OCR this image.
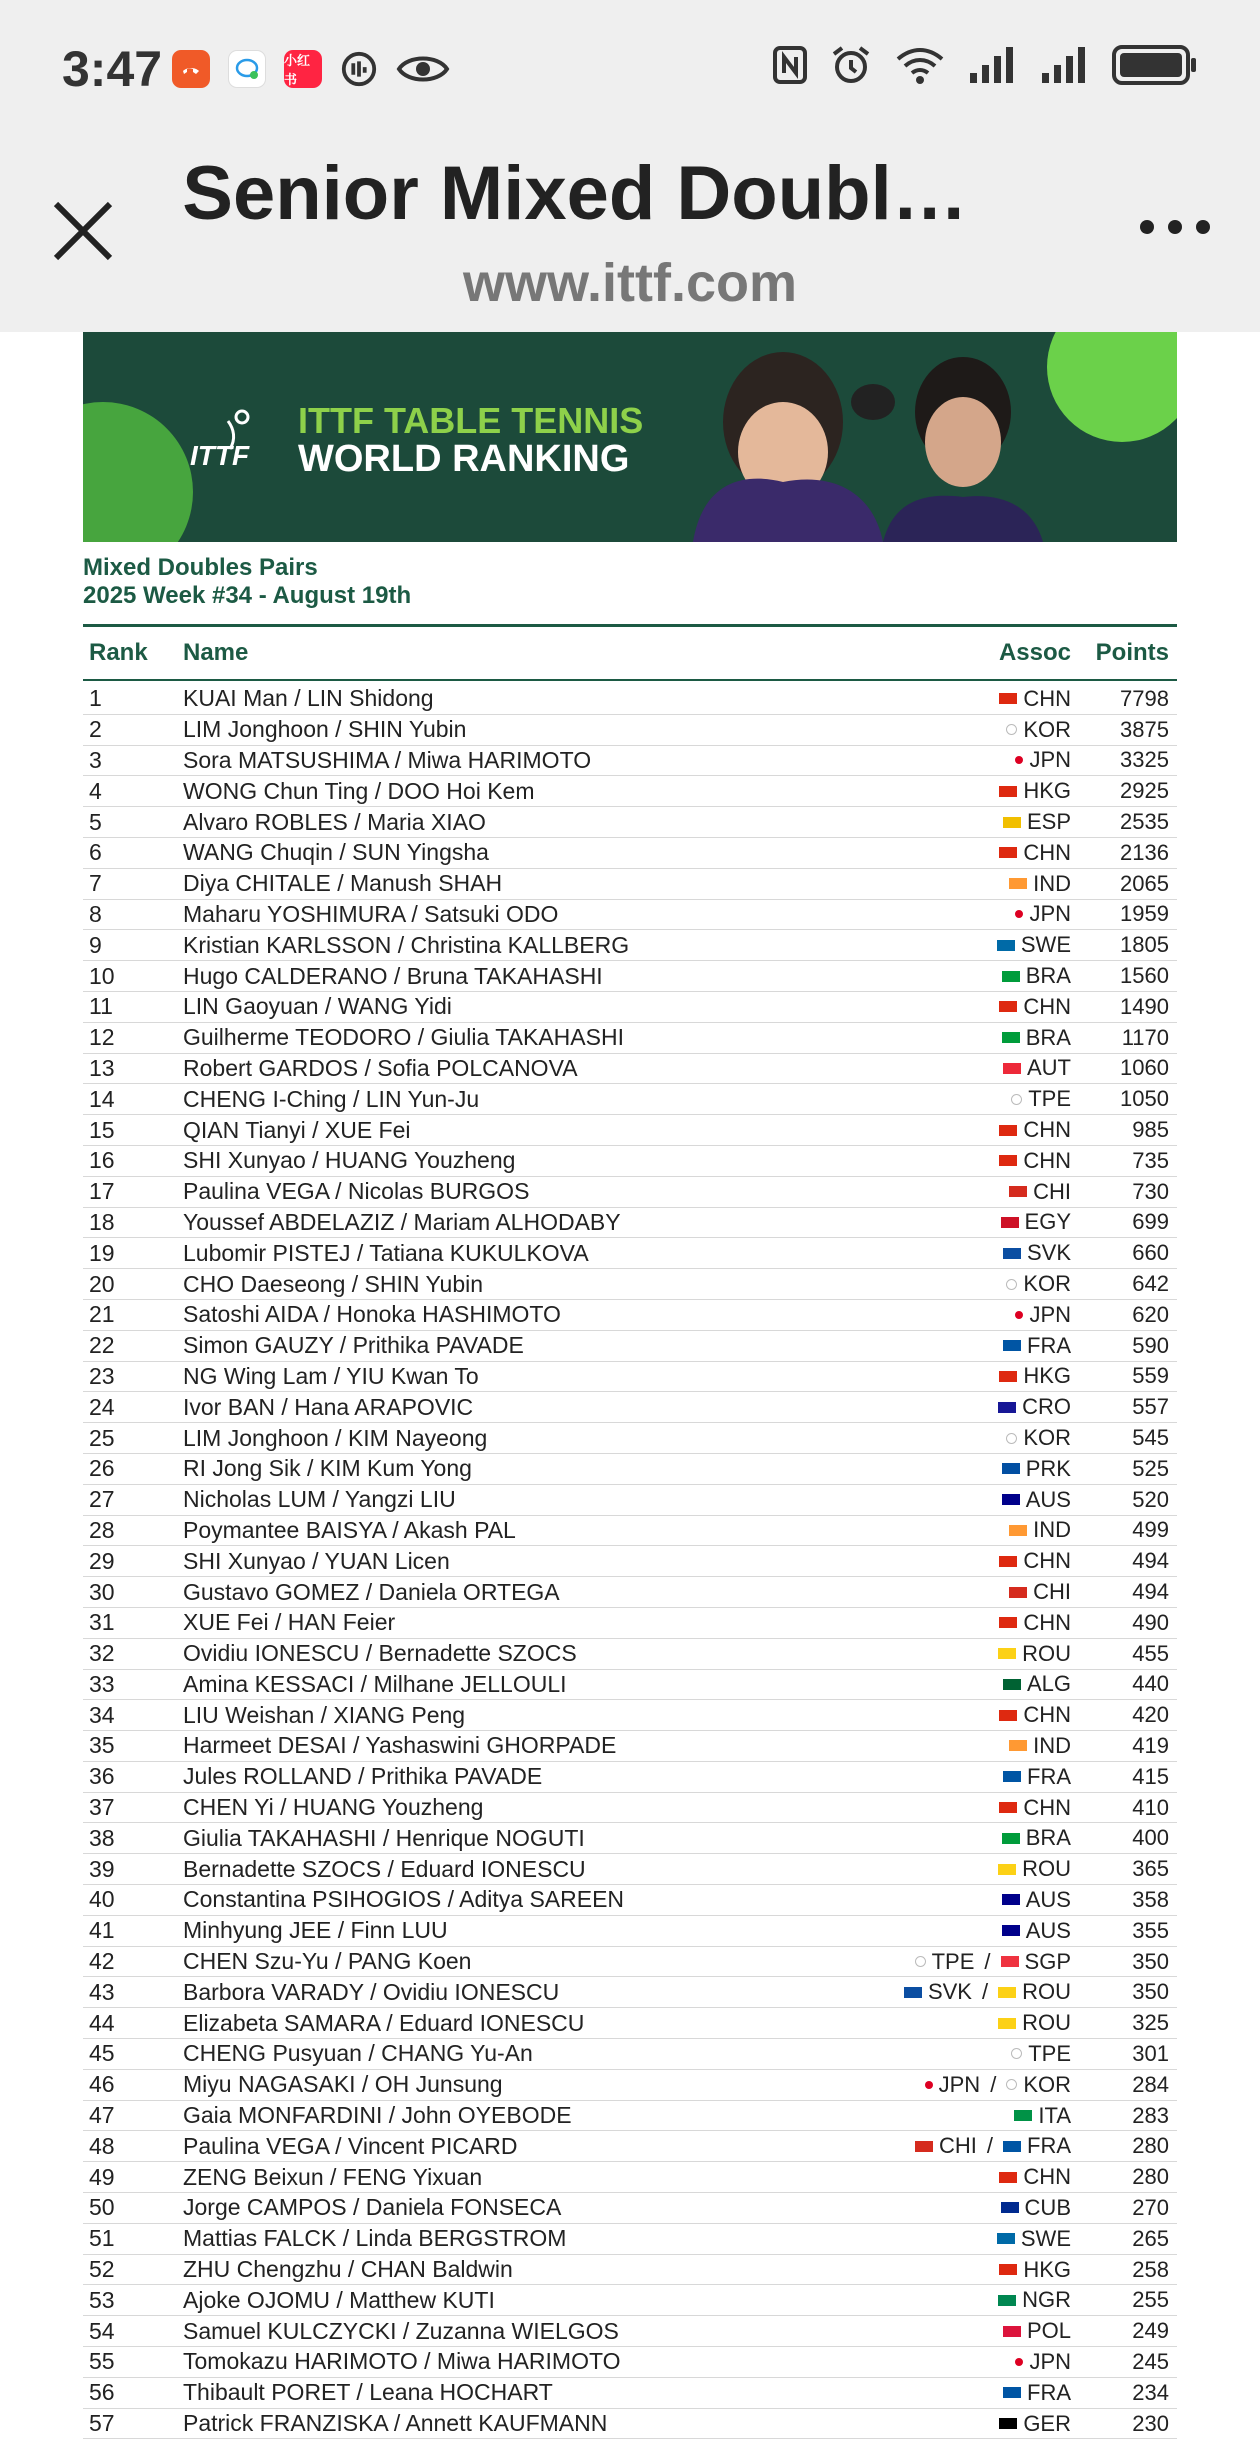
3:47	小红书
Senior Mixed Doubl…
www.ittf.com
ITTF
ITTF TABLE TENNIS
WORLD RANKING
Mixed Doubles Pairs
2025 Week #34 - August 19th
Rank	Name	Assoc	Points
1	KUAI Man / LIN Shidong	CHN	7798
2	LIM Jonghoon / SHIN Yubin	KOR	3875
3	Sora MATSUSHIMA / Miwa HARIMOTO	JPN	3325
4	WONG Chun Ting / DOO Hoi Kem	HKG	2925
5	Alvaro ROBLES / Maria XIAO	ESP	2535
6	WANG Chuqin / SUN Yingsha	CHN	2136
7	Diya CHITALE / Manush SHAH	IND	2065
8	Maharu YOSHIMURA / Satsuki ODO	JPN	1959
9	Kristian KARLSSON / Christina KALLBERG	SWE	1805
10	Hugo CALDERANO / Bruna TAKAHASHI	BRA	1560
11	LIN Gaoyuan / WANG Yidi	CHN	1490
12	Guilherme TEODORO / Giulia TAKAHASHI	BRA	1170
13	Robert GARDOS / Sofia POLCANOVA	AUT	1060
14	CHENG I-Ching / LIN Yun-Ju	TPE	1050
15	QIAN Tianyi / XUE Fei	CHN	985
16	SHI Xunyao / HUANG Youzheng	CHN	735
17	Paulina VEGA / Nicolas BURGOS	CHI	730
18	Youssef ABDELAZIZ / Mariam ALHODABY	EGY	699
19	Lubomir PISTEJ / Tatiana KUKULKOVA	SVK	660
20	CHO Daeseong / SHIN Yubin	KOR	642
21	Satoshi AIDA / Honoka HASHIMOTO	JPN	620
22	Simon GAUZY / Prithika PAVADE	FRA	590
23	NG Wing Lam / YIU Kwan To	HKG	559
24	Ivor BAN / Hana ARAPOVIC	CRO	557
25	LIM Jonghoon / KIM Nayeong	KOR	545
26	RI Jong Sik / KIM Kum Yong	PRK	525
27	Nicholas LUM / Yangzi LIU	AUS	520
28	Poymantee BAISYA / Akash PAL	IND	499
29	SHI Xunyao / YUAN Licen	CHN	494
30	Gustavo GOMEZ / Daniela ORTEGA	CHI	494
31	XUE Fei / HAN Feier	CHN	490
32	Ovidiu IONESCU / Bernadette SZOCS	ROU	455
33	Amina KESSACI / Milhane JELLOULI	ALG	440
34	LIU Weishan / XIANG Peng	CHN	420
35	Harmeet DESAI / Yashaswini GHORPADE	IND	419
36	Jules ROLLAND / Prithika PAVADE	FRA	415
37	CHEN Yi / HUANG Youzheng	CHN	410
38	Giulia TAKAHASHI / Henrique NOGUTI	BRA	400
39	Bernadette SZOCS / Eduard IONESCU	ROU	365
40	Constantina PSIHOGIOS / Aditya SAREEN	AUS	358
41	Minhyung JEE / Finn LUU	AUS	355
42	CHEN Szu-Yu / PANG Koen	TPE / SGP	350
43	Barbora VARADY / Ovidiu IONESCU	SVK / ROU	350
44	Elizabeta SAMARA / Eduard IONESCU	ROU	325
45	CHENG Pusyuan / CHANG Yu-An	TPE	301
46	Miyu NAGASAKI / OH Junsung	JPN / KOR	284
47	Gaia MONFARDINI / John OYEBODE	ITA	283
48	Paulina VEGA / Vincent PICARD	CHI / FRA	280
49	ZENG Beixun / FENG Yixuan	CHN	280
50	Jorge CAMPOS / Daniela FONSECA	CUB	270
51	Mattias FALCK / Linda BERGSTROM	SWE	265
52	ZHU Chengzhu / CHAN Baldwin	HKG	258
53	Ajoke OJOMU / Matthew KUTI	NGR	255
54	Samuel KULCZYCKI / Zuzanna WIELGOS	POL	249
55	Tomokazu HARIMOTO / Miwa HARIMOTO	JPN	245
56	Thibault PORET / Leana HOCHART	FRA	234
57	Patrick FRANZISKA / Annett KAUFMANN	GER	230
